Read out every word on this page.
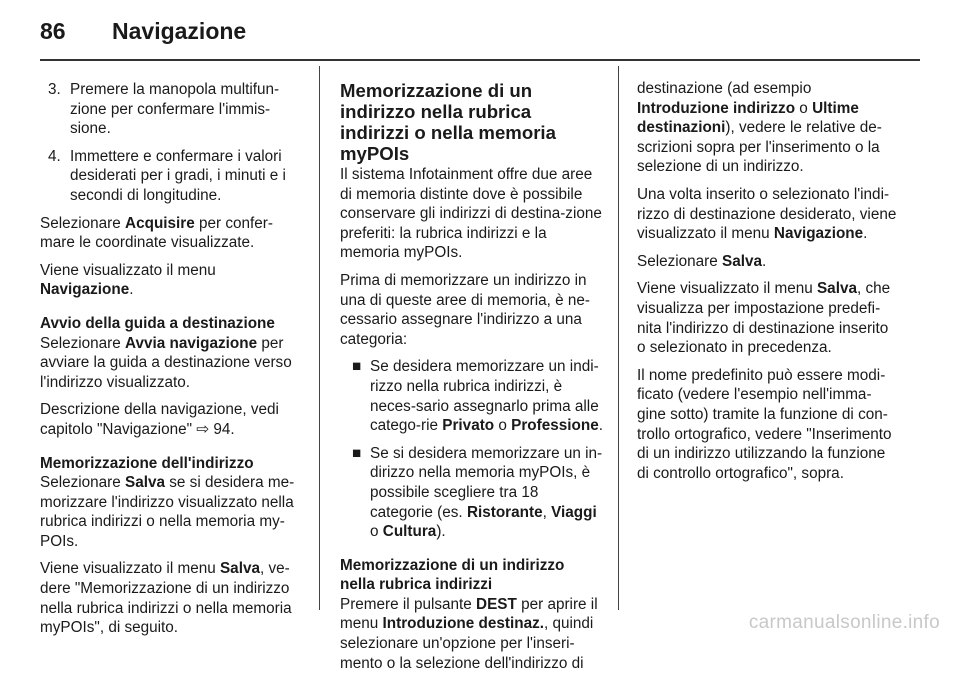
86 Navigazione
3. Premere la manopola multifun-zione per confermare l'immis-sione.
4. Immettere e confermare i valori desiderati per i gradi, i minuti e i secondi di longitudine.

Selezionare Acquisire per confer-mare le coordinate visualizzate.

Viene visualizzato il menu Navigazione.

Avvio della guida a destinazione

Selezionare Avvia navigazione per avviare la guida a destinazione verso l'indirizzo visualizzato.

Descrizione della navigazione, vedi capitolo "Navigazione" ⇨ 94.

Memorizzazione dell'indirizzo

Selezionare Salva se si desidera me-morizzare l'indirizzo visualizzato nella rubrica indirizzi o nella memoria my-POIs.

Viene visualizzato il menu Salva, ve-dere "Memorizzazione di un indirizzo nella rubrica indirizzi o nella memoria myPOIs", di seguito.

Memorizzazione di un indirizzo nella rubrica indirizzi o nella memoria myPOIs

Il sistema Infotainment offre due aree di memoria distinte dove è possibile conservare gli indirizzi di destina-zione preferiti: la rubrica indirizzi e la memoria myPOIs.

Prima di memorizzare un indirizzo in una di queste aree di memoria, è ne-cessario assegnare l'indirizzo a una categoria:

■ Se desidera memorizzare un indi-rizzo nella rubrica indirizzi, è neces-sario assegnarlo prima alle catego-rie Privato o Professione.
■ Se si desidera memorizzare un in-dirizzo nella memoria myPOIs, è possibile scegliere tra 18 categorie (es. Ristorante, Viaggi o Cultura).
Memorizzazione di un indirizzo nella rubrica indirizzi

Premere il pulsante DEST per aprire il menu Introduzione destinaz., quindi selezionare un'opzione per l'inseri-mento o la selezione dell'indirizzo di

destinazione (ad esempio Introduzione indirizzo o Ultime destinazioni), vedere le relative de-scrizioni sopra per l'inserimento o la selezione di un indirizzo.

Una volta inserito o selezionato l'indi-rizzo di destinazione desiderato, viene visualizzato il menu Navigazione.

Selezionare Salva.

Viene visualizzato il menu Salva, che visualizza per impostazione predefi-nita l'indirizzo di destinazione inserito o selezionato in precedenza.

Il nome predefinito può essere modi-ficato (vedere l'esempio nell'imma-gine sotto) tramite la funzione di con-trollo ortografico, vedere "Inserimento di un indirizzo utilizzando la funzione di controllo ortografico", sopra.

carmanualsonline.info
